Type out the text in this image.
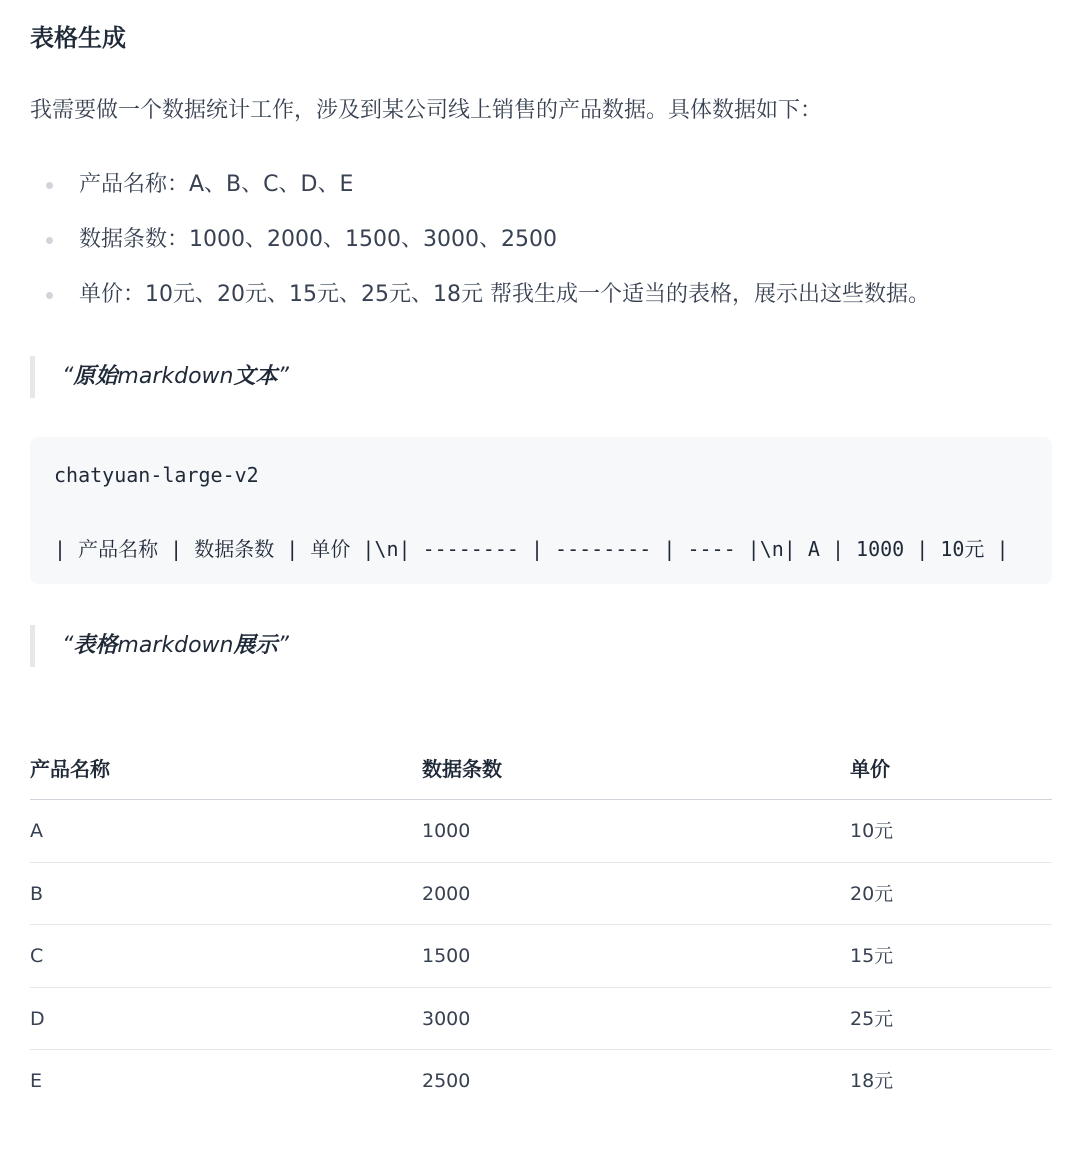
表格生成

我需要做一个数据统计工作，涉及到某公司线上销售的产品数据。具体数据如下：

产品名称：A、B、C、D、E
数据条数：1000、2000、1500、3000、2500
单价：10元、20元、15元、25元、18元 帮我生成一个适当的表格，展示出这些数据。
“原始markdown文本”
chatyuan-large-v2
| 产品名称 | 数据条数 | 单价 |\n| -------- | -------- | ---- |\n| A | 1000 | 10元 |
“表格markdown展示”
产品名称	数据条数	单价
A	1000	10元
B	2000	20元
C	1500	15元
D	3000	25元
E	2500	18元
